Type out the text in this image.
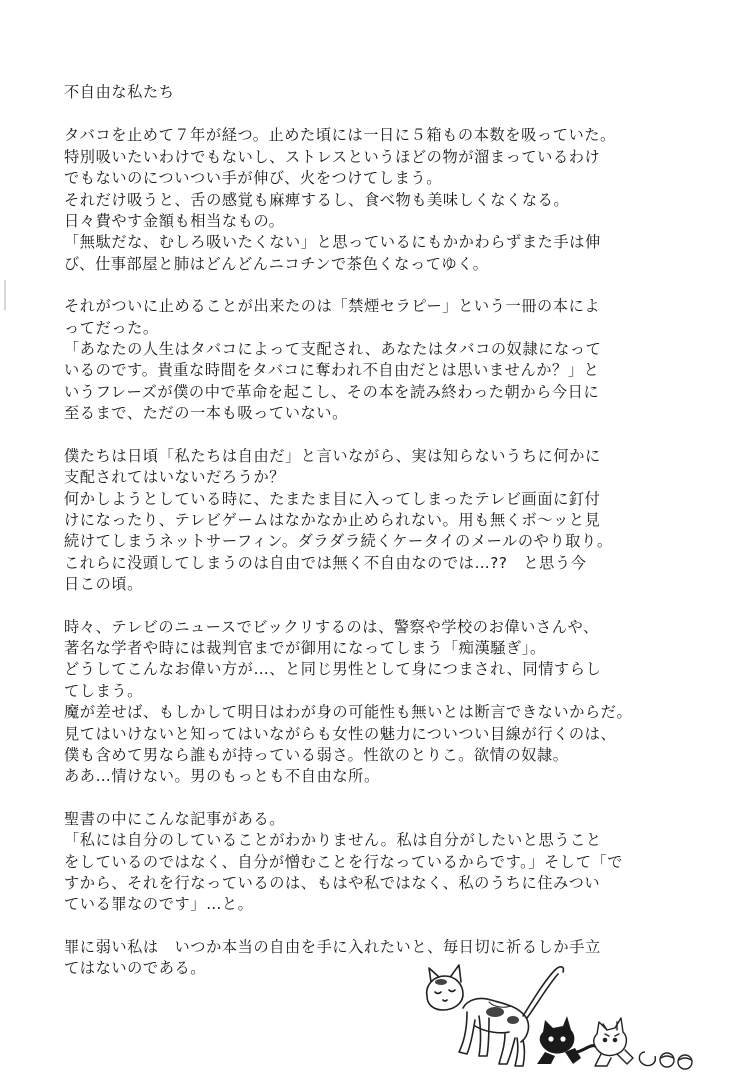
不自由な私たち
タバコを止めて７年が経つ。止めた頃には一日に５箱もの本数を吸っていた。
特別吸いたいわけでもないし、ストレスというほどの物が溜まっているわけ
でもないのについつい手が伸び、火をつけてしまう。
それだけ吸うと、舌の感覚も麻痺するし、食べ物も美味しくなくなる。
日々費やす金額も相当なもの。
「無駄だな、むしろ吸いたくない」と思っているにもかかわらずまた手は伸
び、仕事部屋と肺はどんどんニコチンで茶色くなってゆく。
それがついに止めることが出来たのは「禁煙セラピー」という一冊の本によ
ってだった。
「あなたの人生はタバコによって支配され、あなたはタバコの奴隷になって
いるのです。貴重な時間をタバコに奪われ不自由だとは思いませんか？」と
いうフレーズが僕の中で革命を起こし、その本を読み終わった朝から今日に
至るまで、ただの一本も吸っていない。
僕たちは日頃「私たちは自由だ」と言いながら、実は知らないうちに何かに
支配されてはいないだろうか？
何かしようとしている時に、たまたま目に入ってしまったテレビ画面に釘付
けになったり、テレビゲームはなかなか止められない。用も無くボ〜ッと見
続けてしまうネットサーフィン。ダラダラ続くケータイのメールのやり取り。
これらに没頭してしまうのは自由では無く不自由なのでは…??　と思う今
日この頃。
時々、テレビのニュースでビックリするのは、警察や学校のお偉いさんや、
著名な学者や時には裁判官までが御用になってしまう「痴漢騒ぎ」。
どうしてこんなお偉い方が…、と同じ男性として身につまされ、同情すらし
てしまう。
魔が差せば、もしかして明日はわが身の可能性も無いとは断言できないからだ。
見てはいけないと知ってはいながらも女性の魅力についつい目線が行くのは、
僕も含めて男なら誰もが持っている弱さ。性欲のとりこ。欲情の奴隷。
ああ…情けない。男のもっとも不自由な所。
聖書の中にこんな記事がある。
「私には自分のしていることがわかりません。私は自分がしたいと思うこと
をしているのではなく、自分が憎むことを行なっているからです。」そして「で
すから、それを行なっているのは、もはや私ではなく、私のうちに住みつい
ている罪なのです」…と。
罪に弱い私は　いつか本当の自由を手に入れたいと、毎日切に祈るしか手立
てはないのである。
